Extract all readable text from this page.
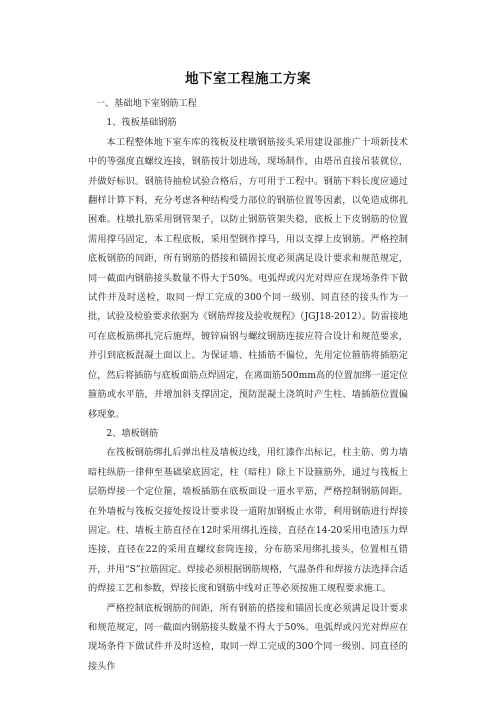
地下室工程施工方案

一、基础地下室钢筋工程

1、筏板基础钢筋

本工程整体地下室车库的筏板及柱墩钢筋接头采用建设部推广十项新技术中的等强度直螺纹连接，钢筋按计划进场，现场制作，由塔吊直接吊装就位，并做好标识。钢筋待抽检试验合格后，方可用于工程中。钢筋下料长度应通过翻样计算下料，充分考虑各种结构受力部位的钢筋位置等因素，以免造成绑扎困难。柱墩扎筋采用钢管架子，以防止钢筋管架失稳，底板上下皮钢筋的位置需用撑马固定，本工程底板，采用型钢作撑马，用以支撑上皮钢筋。严格控制底板钢筋的间距，所有钢筋的搭接和锚固长度必须满足设计要求和规范规定，同一截面内钢筋接头数量不得大于50%。电弧焊或闪光对焊应在现场条件下做试件并及时送检，取同一焊工完成的300个同一级别、同直径的接头作为一批，试验及检验要求依据为《钢筋焊接及验收规程》（JGJ18-2012）。防雷接地可在底板筋绑扎完后施焊，镀锌扁钢与螺纹钢筋连接应符合设计和规范要求，并引到底板混凝土面以上。为保证墙、柱插筋不偏位，先用定位箍筋将插筋定位，然后将插筋与底板面筋点焊固定，在离面筋500mm高的位置加绑一道定位箍筋或水平筋，并增加斜支撑固定，预防混凝土浇筑时产生柱、墙插筋位置偏移现象。

2、墙板钢筋

在筏板钢筋绑扎后弹出柱及墙板边线，用红漆作出标记，柱主筋、剪力墙暗柱纵筋一律伸至基础梁底固定，柱（暗柱）除上下设箍筋外，通过与筏板上层筋焊接一个定位箍，墙板插筋在底板面设一道水平筋，严格控制钢筋间距。在外墙板与筏板交接处按设计要求设一道附加钢板止水带，利用钢筋进行焊接固定。柱、墙板主筋直径在12时采用绑扎连接，直径在14-20采用电渣压力焊连接，直径在22的采用直螺纹套筒连接，分布筋采用绑扎接头，位置相互错开，并用“S”拉筋固定。焊接必须根据钢筋规格，气温条件和焊接方法选择合适的焊接工艺和参数，焊接长度和钢筋中线对正等必须按施工规程要求施工。

严格控制底板钢筋的间距，所有钢筋的搭接和锚固长度必须满足设计要求和规范规定，同一截面内钢筋接头数量不得大于50%。电弧焊或闪光对焊应在现场条件下做试件并及时送检，取同一焊工完成的300个同一级别、同直径的接头作
